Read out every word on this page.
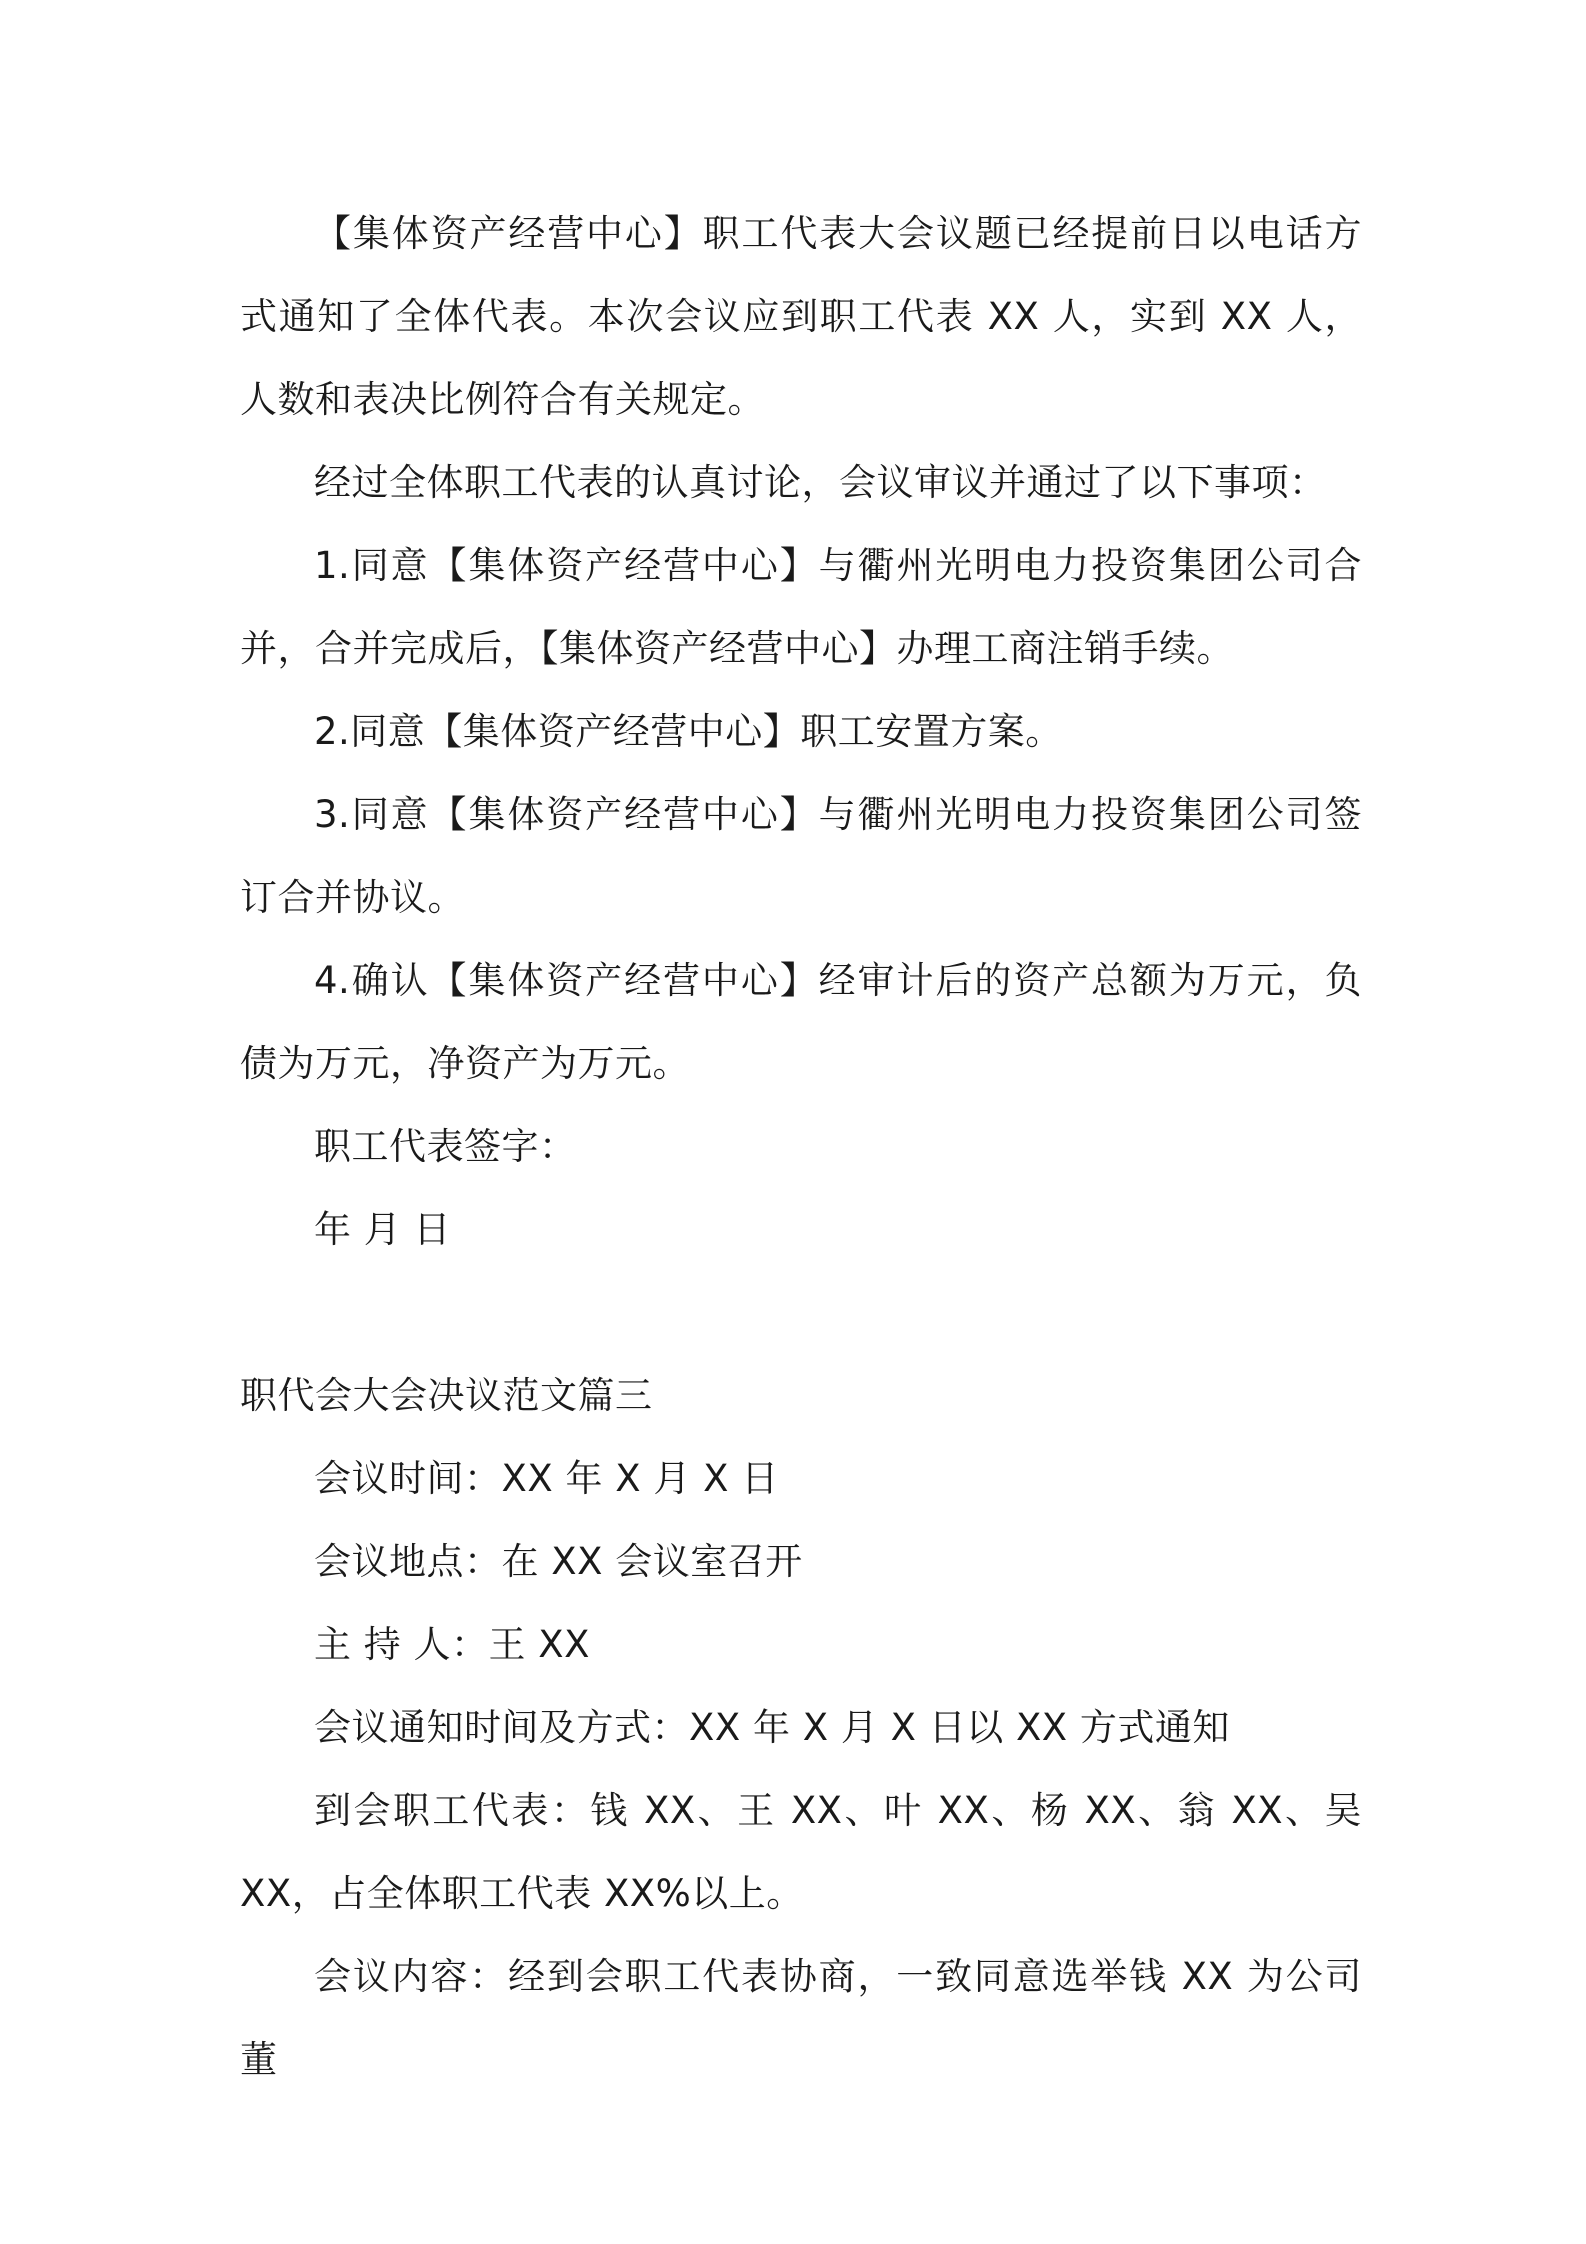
【集体资产经营中心】职工代表大会议题已经提前日以电话方式通知了全体代表。本次会议应到职工代表 XX 人，实到 XX 人，人数和表决比例符合有关规定。

经过全体职工代表的认真讨论，会议审议并通过了以下事项：

1.同意【集体资产经营中心】与衢州光明电力投资集团公司合并，合并完成后，【集体资产经营中心】办理工商注销手续。

2.同意【集体资产经营中心】职工安置方案。

3.同意【集体资产经营中心】与衢州光明电力投资集团公司签订合并协议。

4.确认【集体资产经营中心】经审计后的资产总额为万元，负债为万元，净资产为万元。

职工代表签字：

年 月 日

职代会大会决议范文篇三

会议时间：XX 年 X 月 X 日

会议地点：在 XX 会议室召开

主 持 人：王 XX

会议通知时间及方式：XX 年 X 月 X 日以 XX 方式通知

到会职工代表：钱 XX、王 XX、叶 XX、杨 XX、翁 XX、吴 XX，占全体职工代表 XX%以上。

会议内容：经到会职工代表协商，一致同意选举钱 XX 为公司董
